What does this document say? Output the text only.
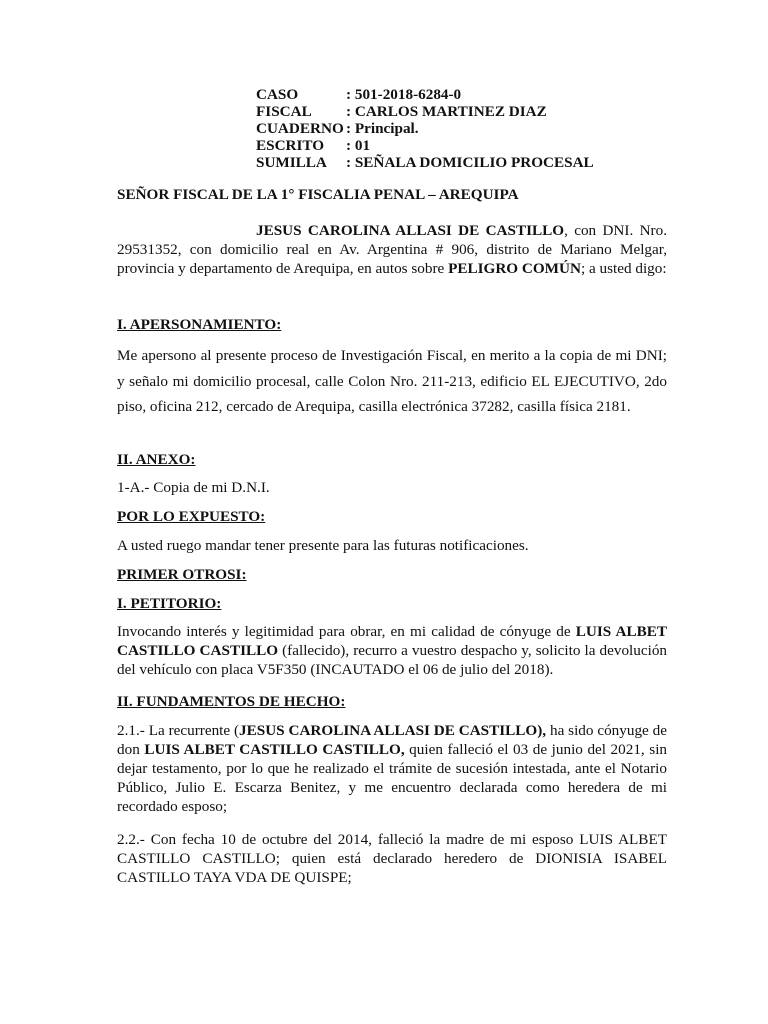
CASO	: 501-2018-6284-0
FISCAL	: CARLOS MARTINEZ DIAZ
CUADERNO	: Principal.
ESCRITO	: 01
SUMILLA	: SEÑALA DOMICILIO PROCESAL

SEÑOR FISCAL DE LA 1° FISCALIA PENAL – AREQUIPA

JESUS CAROLINA ALLASI DE CASTILLO, con DNI. Nro. 29531352, con domicilio real en Av. Argentina # 906, distrito de Mariano Melgar, provincia y departamento de Arequipa, en autos sobre PELIGRO COMÚN; a usted digo:

I. APERSONAMIENTO:

Me apersono al presente proceso de Investigación Fiscal, en merito a la copia de mi DNI; y señalo mi domicilio procesal, calle Colon Nro. 211-213, edificio EL EJECUTIVO, 2do piso, oficina 212, cercado de Arequipa, casilla electrónica 37282, casilla física 2181.

II. ANEXO:

1-A.- Copia de mi D.N.I.

POR LO EXPUESTO:

A usted ruego mandar tener presente para las futuras notificaciones.

PRIMER OTROSI:

I. PETITORIO:

Invocando interés y legitimidad para obrar, en mi calidad de cónyuge de LUIS ALBET CASTILLO CASTILLO (fallecido), recurro a vuestro despacho y, solicito la devolución del vehículo con placa V5F350 (INCAUTADO el 06 de julio del 2018).

II. FUNDAMENTOS DE HECHO:

2.1.- La recurrente (JESUS CAROLINA ALLASI DE CASTILLO), ha sido cónyuge de don LUIS ALBET CASTILLO CASTILLO, quien falleció el 03 de junio del 2021, sin dejar testamento, por lo que he realizado el trámite de sucesión intestada, ante el Notario Público, Julio E. Escarza Benitez, y me encuentro declarada como heredera de mi recordado esposo;

2.2.- Con fecha 10 de octubre del 2014, falleció la madre de mi esposo LUIS ALBET CASTILLO CASTILLO; quien está declarado heredero de DIONISIA ISABEL CASTILLO TAYA VDA DE QUISPE;
